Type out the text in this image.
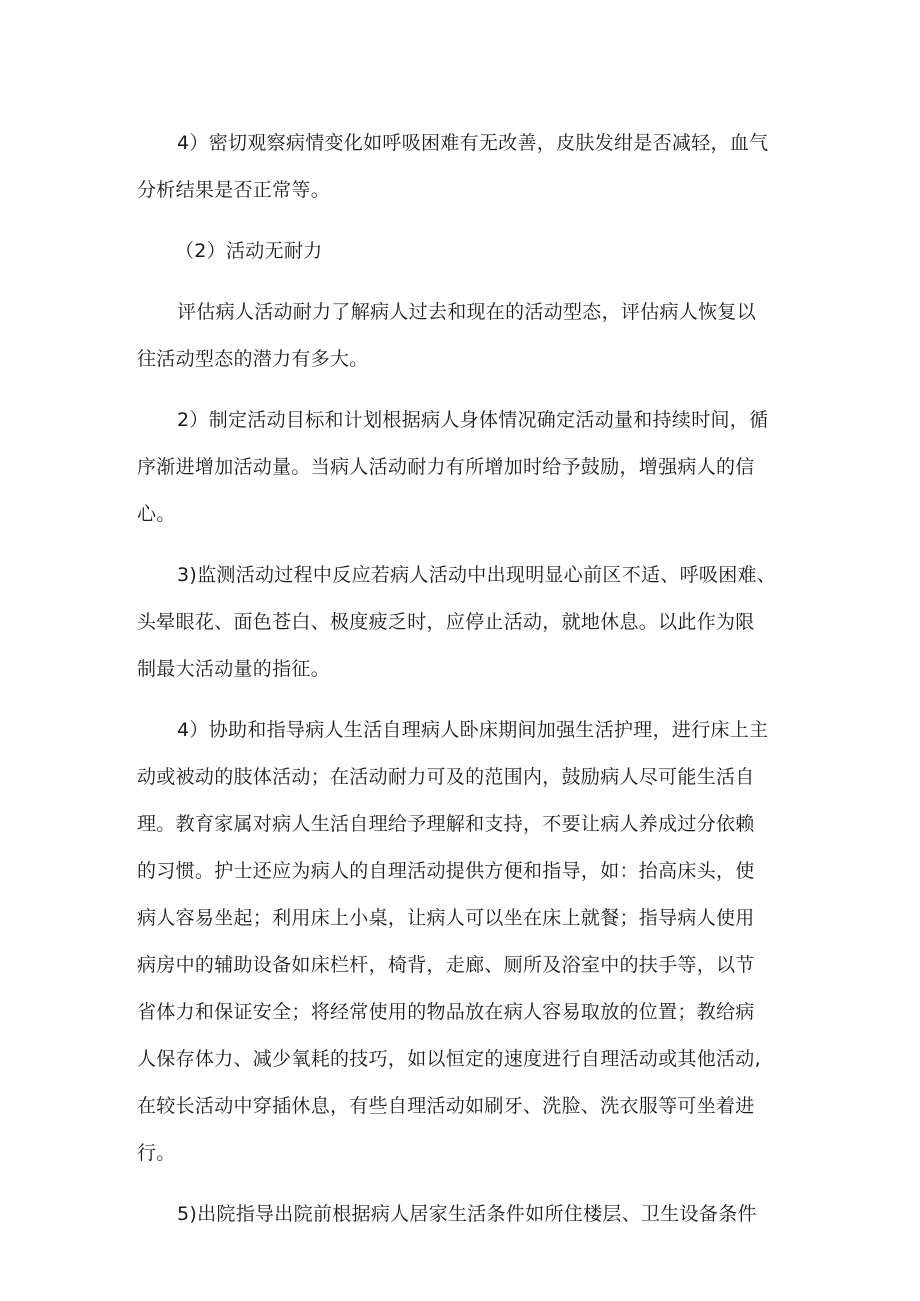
4）密切观察病情变化如呼吸困难有无改善，皮肤发绀是否减轻，血气
分析结果是否正常等。

（2）活动无耐力

评估病人活动耐力了解病人过去和现在的活动型态，评估病人恢复以
往活动型态的潜力有多大。

2）制定活动目标和计划根据病人身体情况确定活动量和持续时间，循
序渐进增加活动量。当病人活动耐力有所增加时给予鼓励，增强病人的信
心。

3)监测活动过程中反应若病人活动中出现明显心前区不适、呼吸困难、
头晕眼花、面色苍白、极度疲乏时，应停止活动，就地休息。以此作为限
制最大活动量的指征。

4）协助和指导病人生活自理病人卧床期间加强生活护理，进行床上主
动或被动的肢体活动；在活动耐力可及的范围内，鼓励病人尽可能生活自
理。教育家属对病人生活自理给予理解和支持，不要让病人养成过分依赖
的习惯。护士还应为病人的自理活动提供方便和指导，如：抬高床头，使
病人容易坐起；利用床上小桌，让病人可以坐在床上就餐；指导病人使用
病房中的辅助设备如床栏杆，椅背，走廊、厕所及浴室中的扶手等，以节
省体力和保证安全；将经常使用的物品放在病人容易取放的位置；教给病
人保存体力、减少氧耗的技巧，如以恒定的速度进行自理活动或其他活动,
在较长活动中穿插休息，有些自理活动如刷牙、洗脸、洗衣服等可坐着进
行。

5)出院指导出院前根据病人居家生活条件如所住楼层、卫生设备条件
